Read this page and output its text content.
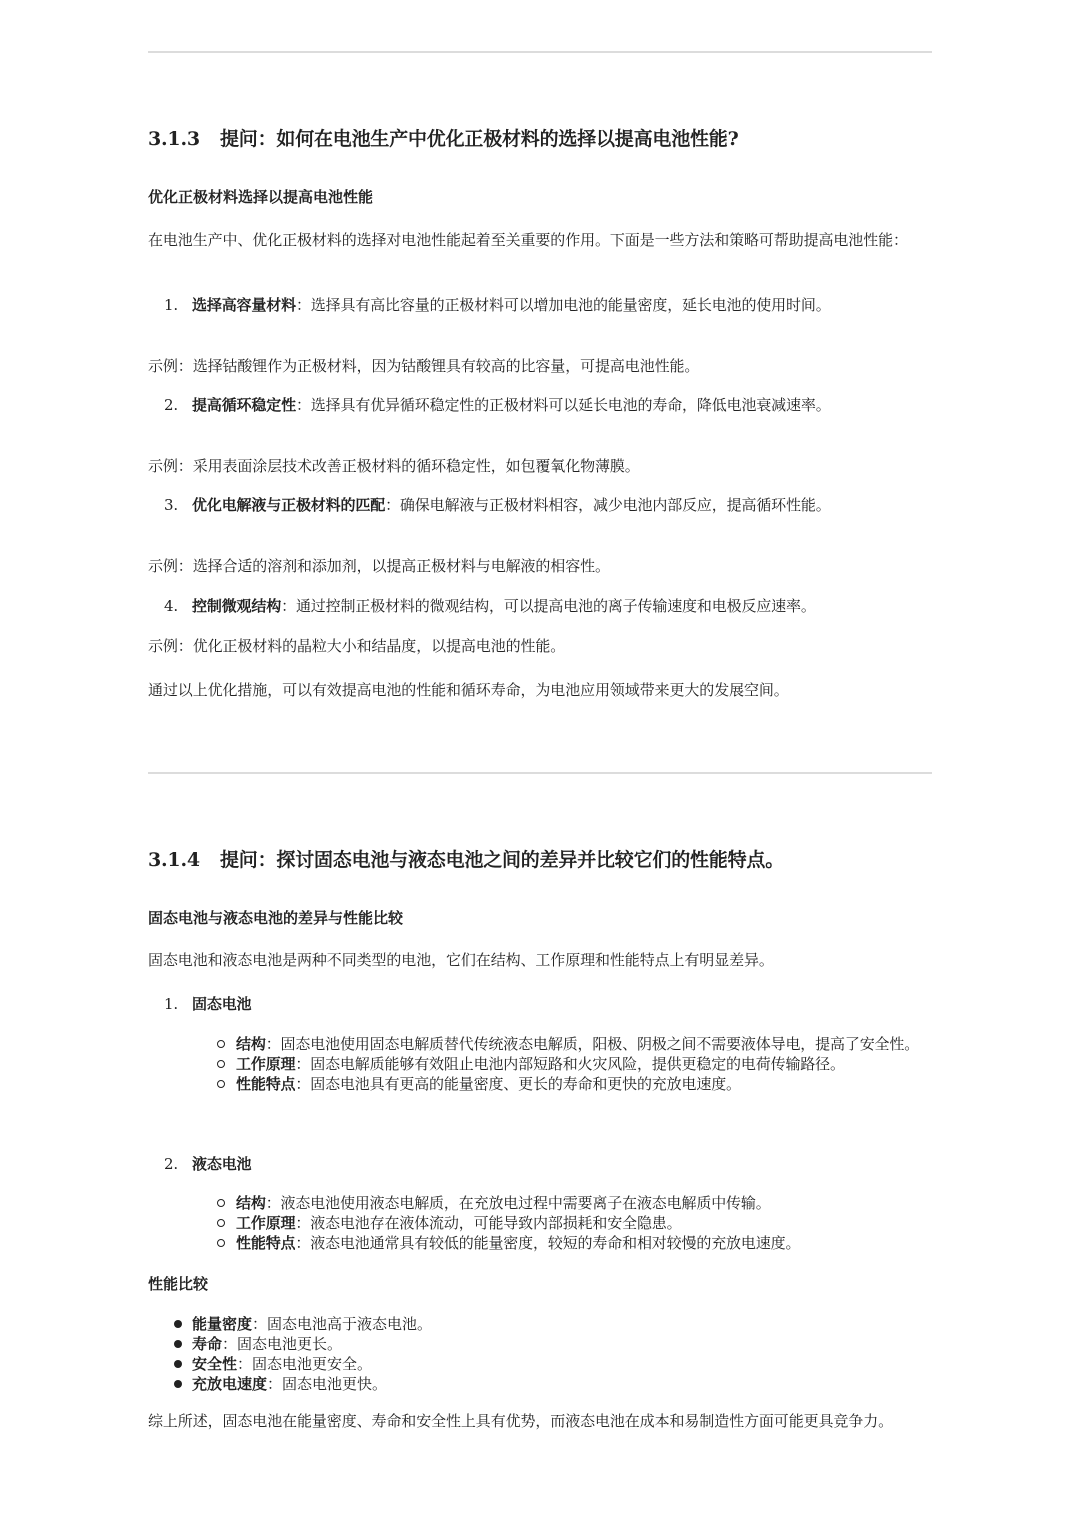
3.1.3 提问：如何在电池生产中优化正极材料的选择以提高电池性能?
优化正极材料选择以提高电池性能

在电池生产中、优化正极材料的选择对电池性能起着至关重要的作用。下面是一些方法和策略可帮助提高电池性能：

1. 选择高容量材料：选择具有高比容量的正极材料可以增加电池的能量密度，延长电池的使用时间。

示例：选择钴酸锂作为正极材料，因为钴酸锂具有较高的比容量，可提高电池性能。

2. 提高循环稳定性：选择具有优异循环稳定性的正极材料可以延长电池的寿命，降低电池衰减速率。

示例：采用表面涂层技术改善正极材料的循环稳定性，如包覆氧化物薄膜。

3. 优化电解液与正极材料的匹配：确保电解液与正极材料相容，减少电池内部反应，提高循环性能。

示例：选择合适的溶剂和添加剂，以提高正极材料与电解液的相容性。

4. 控制微观结构：通过控制正极材料的微观结构，可以提高电池的离子传输速度和电极反应速率。

示例：优化正极材料的晶粒大小和结晶度，以提高电池的性能。

通过以上优化措施，可以有效提高电池的性能和循环寿命，为电池应用领域带来更大的发展空间。

3.1.4 提问：探讨固态电池与液态电池之间的差异并比较它们的性能特点。
固态电池与液态电池的差异与性能比较

固态电池和液态电池是两种不同类型的电池，它们在结构、工作原理和性能特点上有明显差异。

1. 固态电池
结构：固态电池使用固态电解质替代传统液态电解质，阳极、阴极之间不需要液体导电，提高了安全性。
工作原理：固态电解质能够有效阻止电池内部短路和火灾风险，提供更稳定的电荷传输路径。
性能特点：固态电池具有更高的能量密度、更长的寿命和更快的充放电速度。
2. 液态电池
结构：液态电池使用液态电解质，在充放电过程中需要离子在液态电解质中传输。
工作原理：液态电池存在液体流动，可能导致内部损耗和安全隐患。
性能特点：液态电池通常具有较低的能量密度，较短的寿命和相对较慢的充放电速度。
性能比较
能量密度：固态电池高于液态电池。
寿命：固态电池更长。
安全性：固态电池更安全。
充放电速度：固态电池更快。

综上所述，固态电池在能量密度、寿命和安全性上具有优势，而液态电池在成本和易制造性方面可能更具竞争力。
